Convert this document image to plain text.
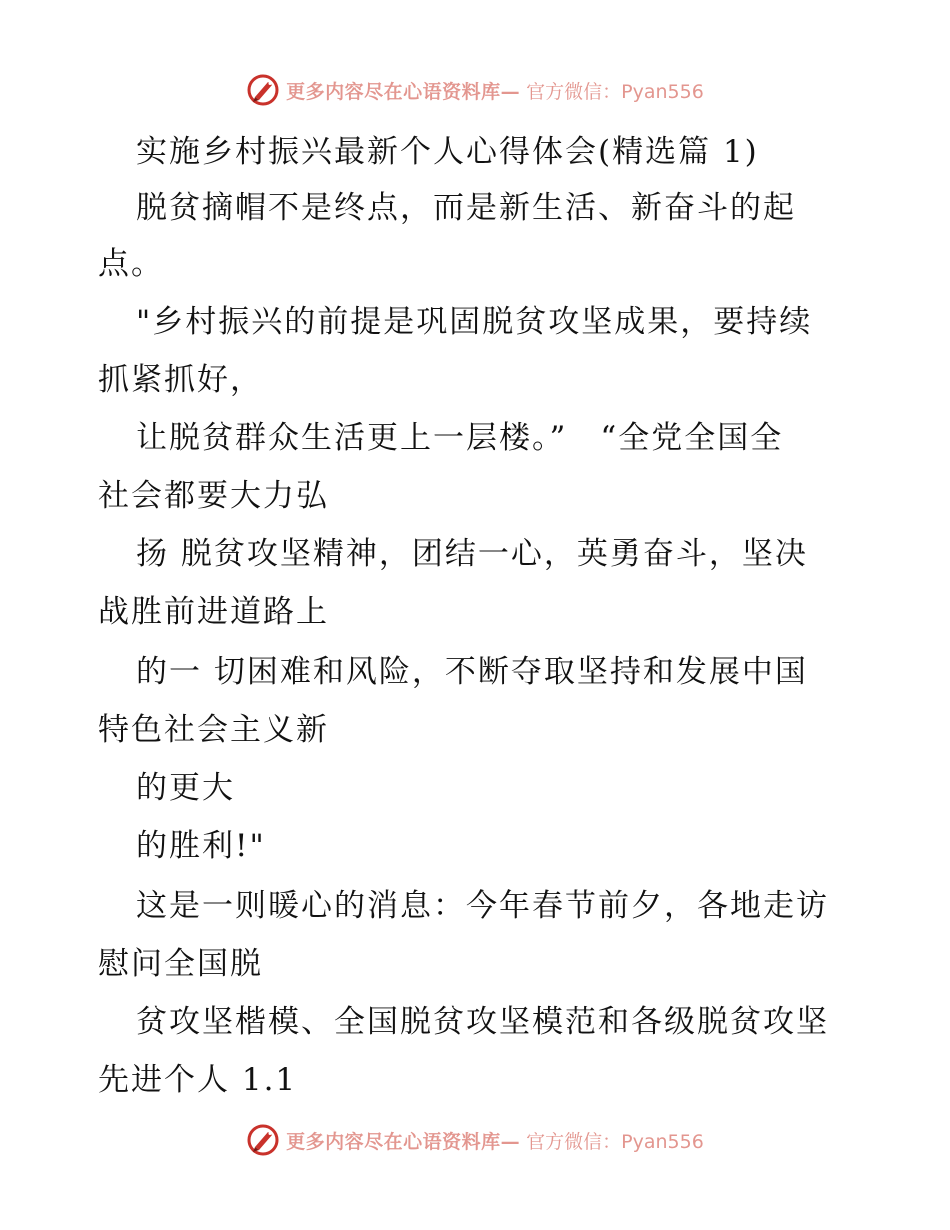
更多内容尽在心语资料库— 官方微信：Pyan556
实施乡村振兴最新个人心得体会(精选篇 1)
脱贫摘帽不是终点，而是新生活、新奋斗的起
点。
"乡村振兴的前提是巩固脱贫攻坚成果，要持续
抓紧抓好，
让脱贫群众生活更上一层楼。”　“全党全国全
社会都要大力弘
扬 脱贫攻坚精神，团结一心，英勇奋斗，坚决
战胜前进道路上
的一 切困难和风险，不断夺取坚持和发展中国
特色社会主义新
的更大
的胜利!"
这是一则暖心的消息：今年春节前夕，各地走访
慰问全国脱
贫攻坚楷模、全国脱贫攻坚模范和各级脱贫攻坚
先进个人 1.1
更多内容尽在心语资料库— 官方微信：Pyan556
